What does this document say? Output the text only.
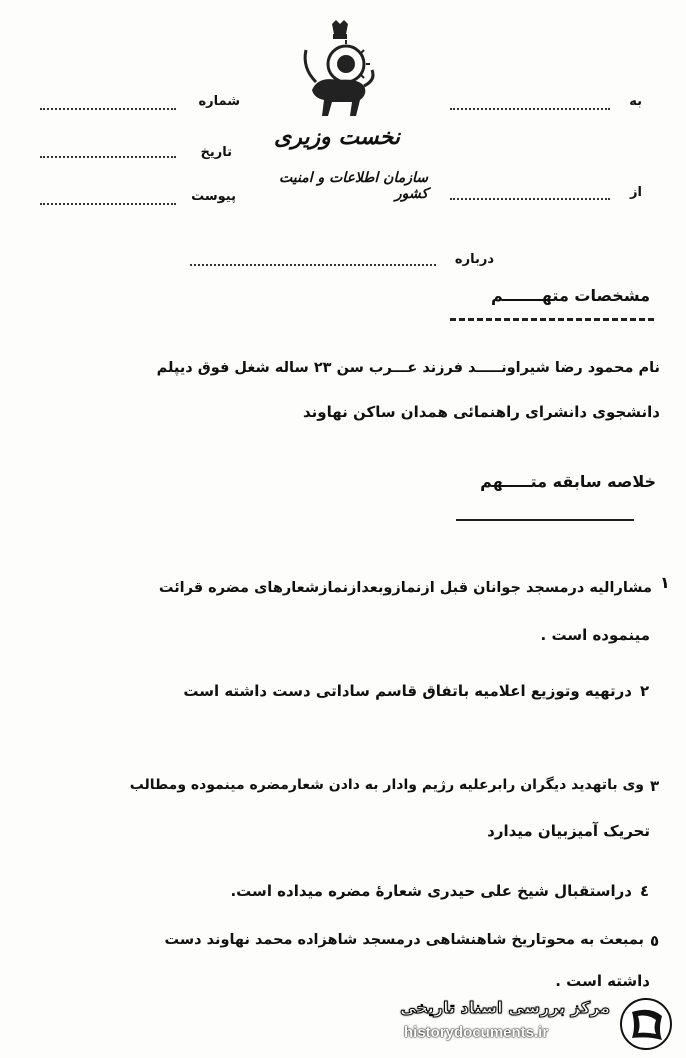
نخست وزیری
سازمان اطلاعات و امنیت کشور
شماره
تاریخ
پیوست
به
از
درباره
مشخصات متهـــــــم
نام محمود رضا شیراونـــــد فرزند عـــرب سن ۲۳ ساله شغل فوق دیپلم
دانشجوی دانشرای راهنمائی همدان ساکن نهاوند
خلاصه سابقه متـــــهم
۱
مشارالیه درمسجد جوانان قبل ازنمازوبعدازنمازشعارهای مضره قرائت
مینموده است .
۲
درتهیه وتوزیع اعلامیه باتفاق قاسم ساداتی دست داشته است
۳
وی باتهدید دیگران رابرعلیه رژیم وادار به دادن شعارمضره مینموده ومطالب
تحریک آمیزبیان میدارد
٤
دراستقبال شیخ علی حیدری شعارهٔ مضره میداده است.
٥
بمبعث به محوتاریخ شاهنشاهی درمسجد شاهزاده محمد نهاوند دست
داشته است .
مرکز بررسی اسناد تاریخی
historydocuments.ir
